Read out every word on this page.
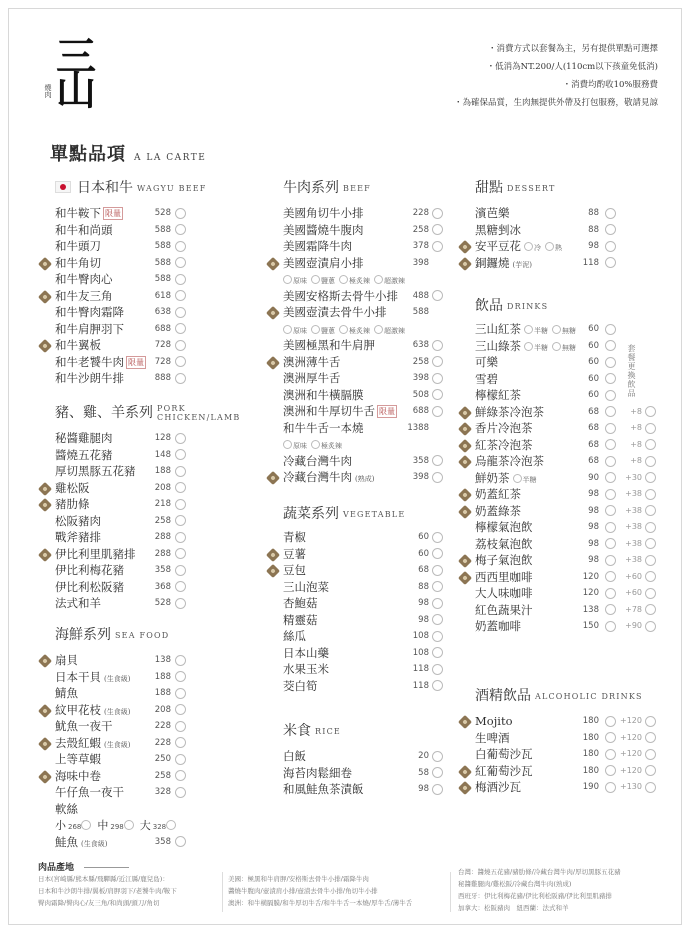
三山
燒肉
・消費方式以套餐為主，另有提供單點可選擇
・低消為NT.200/人(110cm以下孩童免低消)
・消費均酌收10%服務費
・為確保品質，生肉無提供外帶及打包服務，敬請見諒
單點品項 A LA CARTE
日本和牛 WAGYU BEEF
豬、雞、羊系列 PORK
CHICKEN/LAMB
海鮮系列 SEA FOOD
牛肉系列 BEEF
蔬菜系列 VEGETABLE
米食 RICE
甜點 DESSERT
飲品 DRINKS
酒精飲品 ALCOHOLIC DRINKS
和牛鞍下 限量	528
和牛和尚頭	588
和牛頭刀	588
和牛角切	588
和牛臀肉心	588
和牛友三角	618
和牛臀肉霜降	638
和牛肩胛羽下	688
和牛翼板	728
和牛老饕牛肉 限量	728
和牛沙朗牛排	888
秘醬雞腿肉	128
醬燒五花豬	148
厚切黑豚五花豬	188
雞松阪	208
豬肋條	218
松阪豬肉	258
戰斧豬排	288
伊比利里肌豬排	288
伊比利梅花豬	358
伊比利松阪豬	368
法式和羊	528
扇貝	138
日本干貝 (生食級)	188
鯖魚	188
紋甲花枝 (生食級)	208
魷魚一夜干	228
去殼紅蝦 (生食級)	228
上等草蝦	250
海味中卷	258
午仔魚一夜干	328
軟絲
小 268 中 298 大 328
鮭魚 (生食級)	358
美國角切牛小排	228
美國醬燒牛腹肉	258
美國霜降牛肉	378
美國壺漬肩小排	398
原味 鹽蔥 極炙辣 超激辣
美國安格斯去骨牛小排	488
美國壺漬去骨牛小排	588
原味 鹽蔥 極炙辣 超激辣
美國極黑和牛肩胛	638
澳洲薄牛舌	258
澳洲厚牛舌	398
澳洲和牛橫膈膜	508
澳洲和牛厚切牛舌 限量	688
和牛牛舌一本燒	1388
原味 極炙辣
冷藏台灣牛肉	358
冷藏台灣牛肉 (熟成)	398
青椒	60
豆薯	60
豆包	68
三山泡菜	88
杏鮑菇	98
精靈菇	98
絲瓜	108
日本山藥	108
水果玉米	118
茭白筍	118
白飯	20
海苔肉鬆細卷	58
和風鮭魚茶漬飯	98
濱芭樂	88
黑糖剉冰	88
安平豆花 冷 熱	98
銅鑼燒 (芋泥)	118
三山紅茶 半糖 無糖	60
三山綠茶 半糖 無糖	60
可樂	60
雪碧	60
檸檬紅茶	60
鮮綠茶冷泡茶	68	+8
香片冷泡茶	68	+8
紅茶冷泡茶	68	+8
烏龍茶冷泡茶	68	+8
鮮奶茶 半糖	90	+30
奶蓋紅茶	98	+38
奶蓋綠茶	98	+38
檸檬氣泡飲	98	+38
荔枝氣泡飲	98	+38
梅子氣泡飲	98	+38
西西里咖啡	120	+60
大人味咖啡	120	+60
紅色蔬果汁	138	+78
奶蓋咖啡	150	+90
Mojito	180	+120
生啤酒	180	+120
白葡萄沙瓦	180	+120
紅葡萄沙瓦	180	+120
梅酒沙瓦	190	+130
套餐更換飲品
肉品產地
日本(宮崎縣/熊本縣/飛驒縣/近江縣/鹿兒島)：
日本和牛沙朗牛排/翼板/肩胛羽下/老饕牛肉/鞍下
臀肉霜降/臀肉心/友三角/和尚頭/頭刀/角切
美國：極黑和牛肩胛/安格斯去骨牛小排/霜降牛肉
醬燒牛腹肉/壺漬肩小排/壺漬去骨牛小排/角切牛小排
澳洲：和牛橫膈膜/和牛厚切牛舌/和牛牛舌一本燒/厚牛舌/薄牛舌
台灣：醬燒五花豬/豬肋條/冷藏台灣牛肉/厚切黑豚五花豬
秘醬雞腿肉/雞松阪/冷藏台灣牛肉(熟成)
西班牙：伊比利梅花豬/伊比利松阪豬/伊比利里肌豬排
加拿大：松阪豬肉　紐西蘭：法式和羊
